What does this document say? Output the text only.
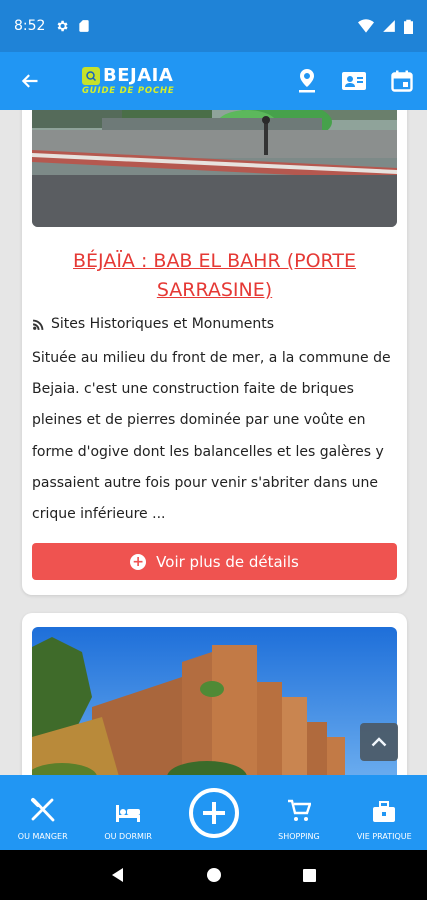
8:52
BEJAIA
GUIDE DE POCHE
BÉJAÏA : BAB EL BAHR (PORTE SARRASINE)
Sites Historiques et Monuments
Située au milieu du front de mer, a la commune de Bejaia. c'est une construction faite de briques pleines et de pierres dominée par une voûte en forme d'ogive dont les balancelles et les galères y passaient autre fois pour venir s'abriter dans une crique inférieure ...
+ Voir plus de détails
OU MANGER	OU DORMIR	SHOPPING	VIE PRATIQUE
